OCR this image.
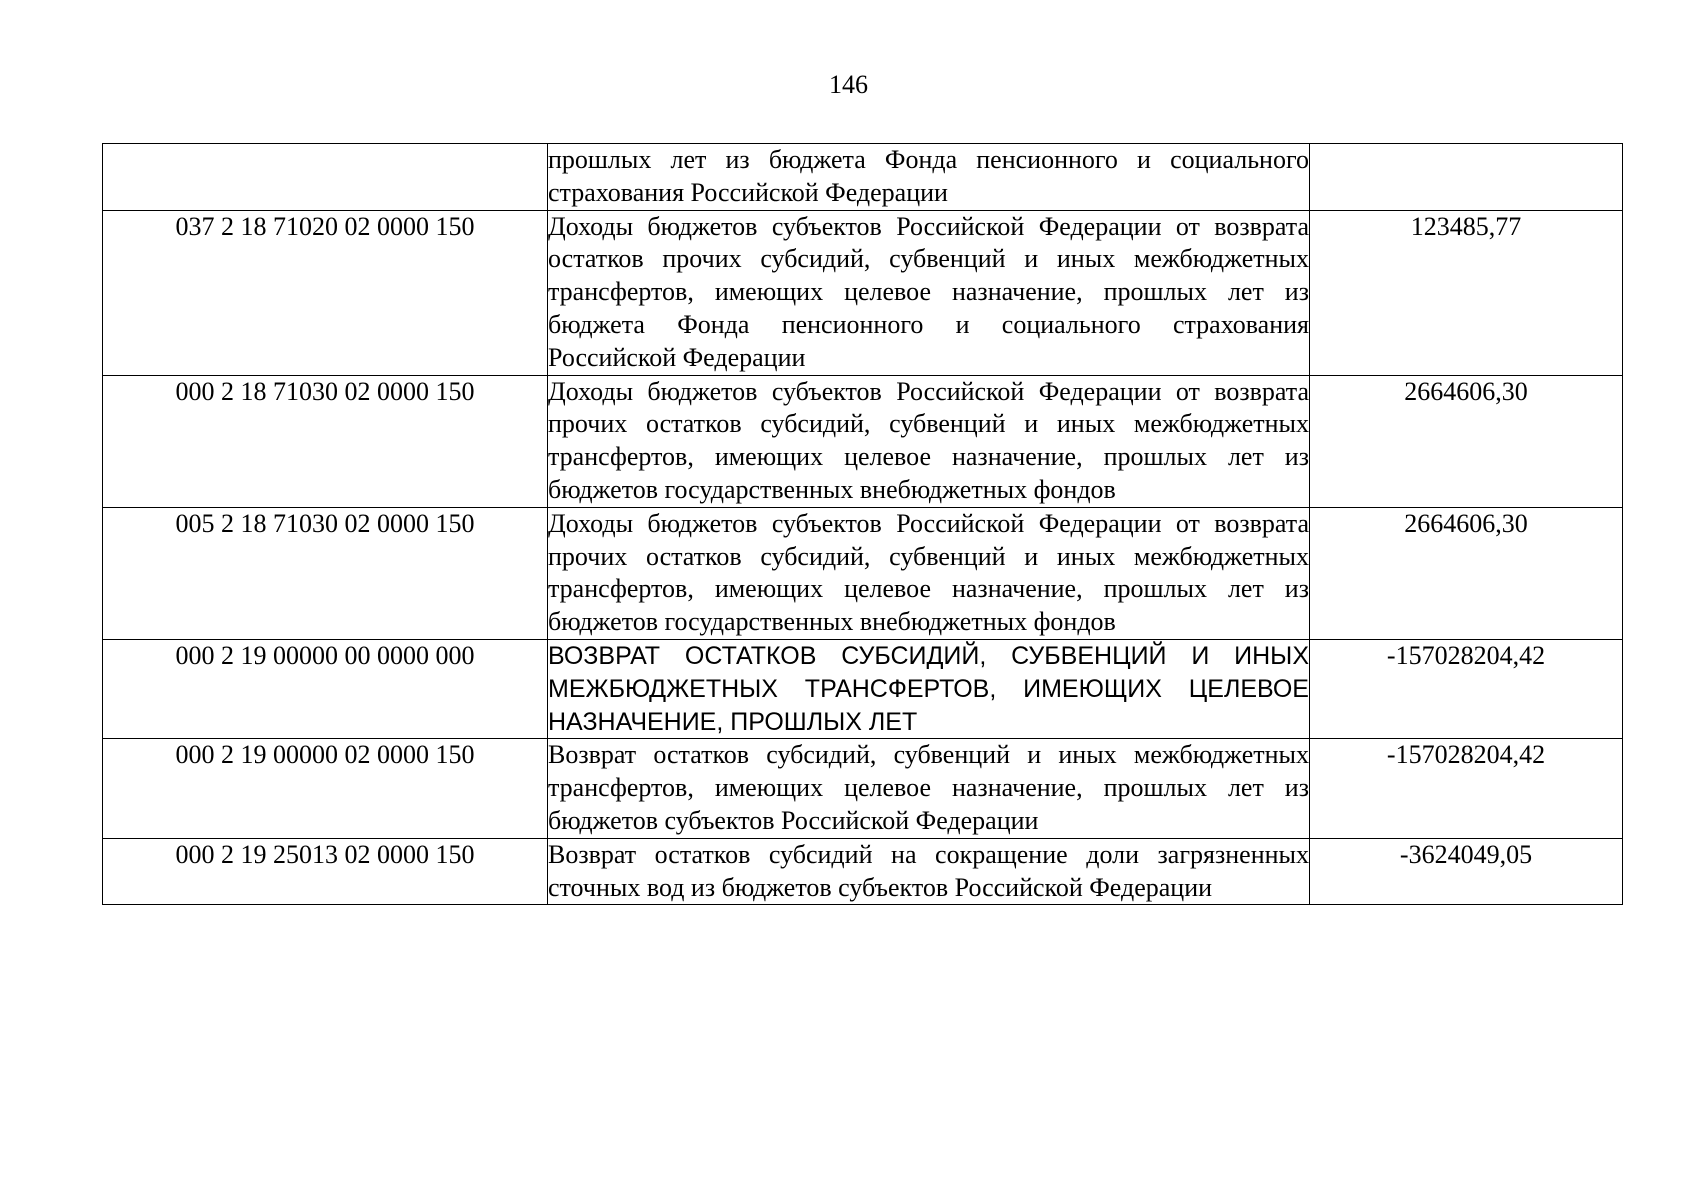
146
	прошлых лет из бюджета Фонда пенсионного и социального страхования Российской Федерации	
037 2 18 71020 02 0000 150	Доходы бюджетов субъектов Российской Федерации от возврата остатков прочих субсидий, субвенций и иных межбюджетных трансфертов, имеющих целевое назначение, прошлых лет из бюджета Фонда пенсионного и социального страхования Российской Федерации	123485,77
000 2 18 71030 02 0000 150	Доходы бюджетов субъектов Российской Федерации от возврата прочих остатков субсидий, субвенций и иных межбюджетных трансфертов, имеющих целевое назначение, прошлых лет из бюджетов государственных внебюджетных фондов	2664606,30
005 2 18 71030 02 0000 150	Доходы бюджетов субъектов Российской Федерации от возврата прочих остатков субсидий, субвенций и иных межбюджетных трансфертов, имеющих целевое назначение, прошлых лет из бюджетов государственных внебюджетных фондов	2664606,30
000 2 19 00000 00 0000 000	ВОЗВРАТ ОСТАТКОВ СУБСИДИЙ, СУБВЕНЦИЙ И ИНЫХ МЕЖБЮДЖЕТНЫХ ТРАНСФЕРТОВ, ИМЕЮЩИХ ЦЕЛЕВОЕ НАЗНАЧЕНИЕ, ПРОШЛЫХ ЛЕТ	-157028204,42
000 2 19 00000 02 0000 150	Возврат остатков субсидий, субвенций и иных межбюджетных трансфертов, имеющих целевое назначение, прошлых лет из бюджетов субъектов Российской Федерации	-157028204,42
000 2 19 25013 02 0000 150	Возврат остатков субсидий на сокращение доли загрязненных сточных вод из бюджетов субъектов Российской Федерации	-3624049,05
